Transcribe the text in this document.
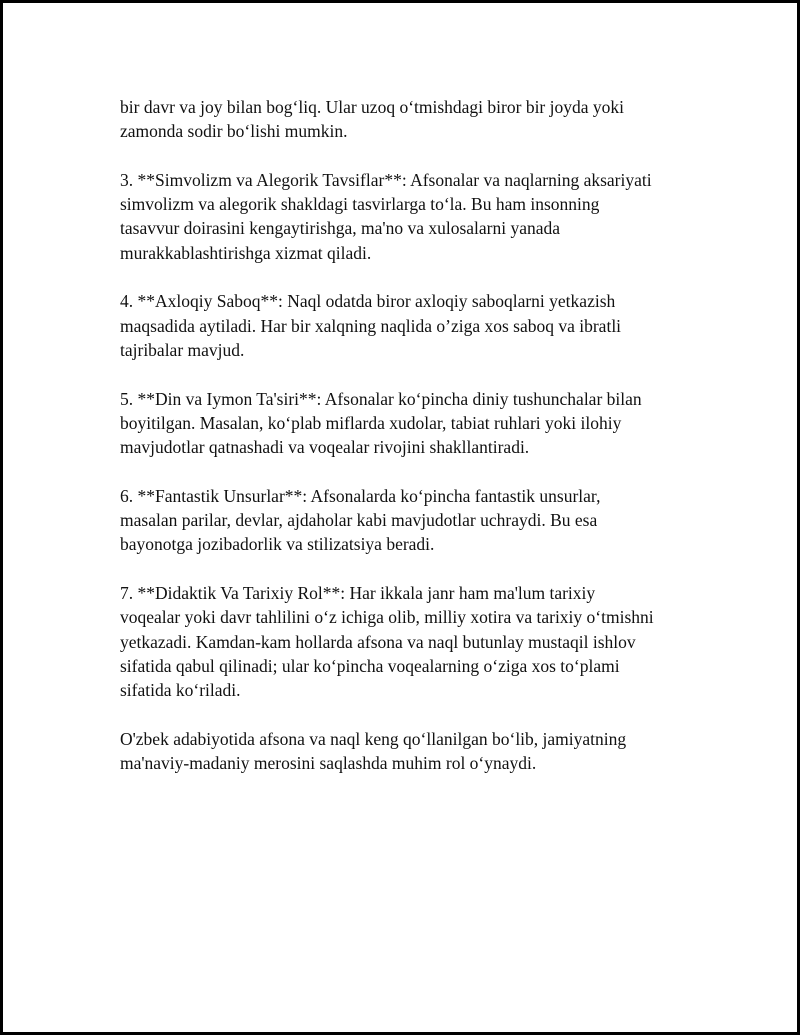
bir davr va joy bilan bog‘liq. Ular uzoq o‘tmishdagi biror bir joyda yoki
zamonda sodir bo‘lishi mumkin.

3. **Simvolizm va Alegorik Tavsiflar**: Afsonalar va naqlarning aksariyati
simvolizm va alegorik shakldagi tasvirlarga to‘la. Bu ham insonning
tasavvur doirasini kengaytirishga, ma'no va xulosalarni yanada
murakkablashtirishga xizmat qiladi.

4. **Axloqiy Saboq**: Naql odatda biror axloqiy saboqlarni yetkazish
maqsadida aytiladi. Har bir xalqning naqlida o’ziga xos saboq va ibratli
tajribalar mavjud.

5. **Din va Iymon Ta'siri**: Afsonalar ko‘pincha diniy tushunchalar bilan
boyitilgan. Masalan, ko‘plab miflarda xudolar, tabiat ruhlari yoki ilohiy
mavjudotlar qatnashadi va voqealar rivojini shakllantiradi.

6. **Fantastik Unsurlar**: Afsonalarda ko‘pincha fantastik unsurlar,
masalan parilar, devlar, ajdaholar kabi mavjudotlar uchraydi. Bu esa
bayonotga jozibadorlik va stilizatsiya beradi.

7. **Didaktik Va Tarixiy Rol**: Har ikkala janr ham ma'lum tarixiy
voqealar yoki davr tahlilini o‘z ichiga olib, milliy xotira va tarixiy o‘tmishni
yetkazadi. Kamdan-kam hollarda afsona va naql butunlay mustaqil ishlov
sifatida qabul qilinadi; ular ko‘pincha voqealarning o‘ziga xos to‘plami
sifatida ko‘riladi.

O'zbek adabiyotida afsona va naql keng qo‘llanilgan bo‘lib, jamiyatning
ma'naviy-madaniy merosini saqlashda muhim rol o‘ynaydi.
